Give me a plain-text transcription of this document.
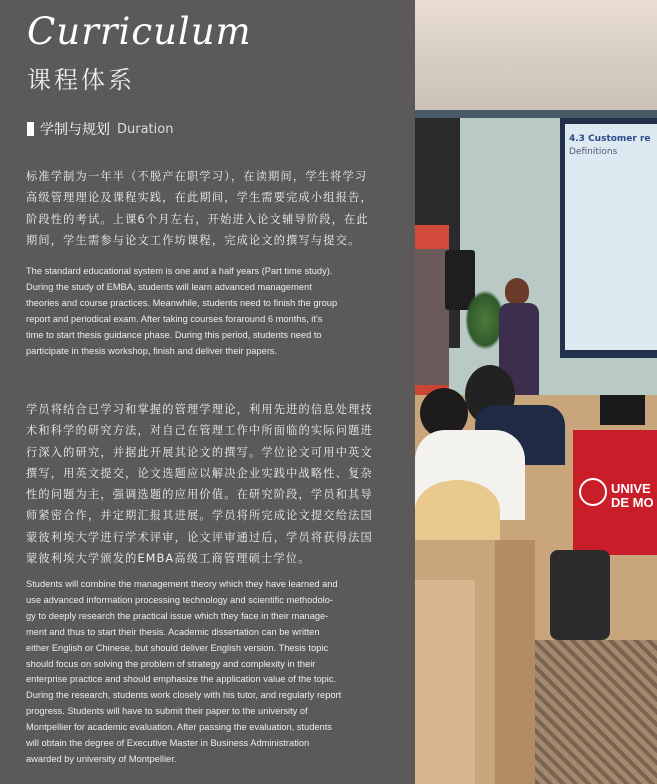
Curriculum
课程体系
学制与规划 Duration
标准学制为一年半（不脱产在职学习），在读期间，学生将学习
高级管理理论及课程实践，在此期间，学生需要完成小组报告，
阶段性的考试。上课6个月左右，开始进入论文辅导阶段，在此
期间，学生需参与论文工作坊课程，完成论文的撰写与提交。
The standard educational system is one and a half years (Part time study).
During the study of EMBA, students will learn advanced management
theories and course practices. Meanwhile, students need to finish the group
report and periodical exam. After taking courses foraround 6 months, it's
time to start thesis guidance phase. During this period, students need to
participate in thesis workshop, finish and deliver their papers.
学员将结合已学习和掌握的管理学理论，利用先进的信息处理技
术和科学的研究方法，对自己在管理工作中所面临的实际问题进
行深入的研究，并据此开展其论文的撰写。学位论文可用中英文
撰写，用英文提交，论文选题应以解决企业实践中战略性、复杂
性的问题为主，强调选题的应用价值。在研究阶段，学员和其导
师紧密合作，并定期汇报其进展。学员将所完成论文提交给法国
蒙彼利埃大学进行学术评审，论文评审通过后，学员将获得法国
蒙彼利埃大学颁发的EMBA高级工商管理硕士学位。
Students will combine the management theory which they have learned and
use advanced information processing technology and scientific methodolo-
gy to deeply research the practical issue which they face in their manage-
ment and thus to start their thesis. Academic dissertation can be written
either English or Chinese, but should deliver English version. Thesis topic
should focus on solving the problem of strategy and complexity in their
enterprise practice and should emphasize the application value of the topic.
During the research, students work closely with his tutor, and regularly report
progress. Students will have to submit their paper to the university of
Montpellier for academic evaluation. After passing the evaluation, students
will obtain the degree of Executive Master in Business Administration
awarded by university of Montpellier.
4.3 Customer re
Definitions
UNIVE
DE MO
